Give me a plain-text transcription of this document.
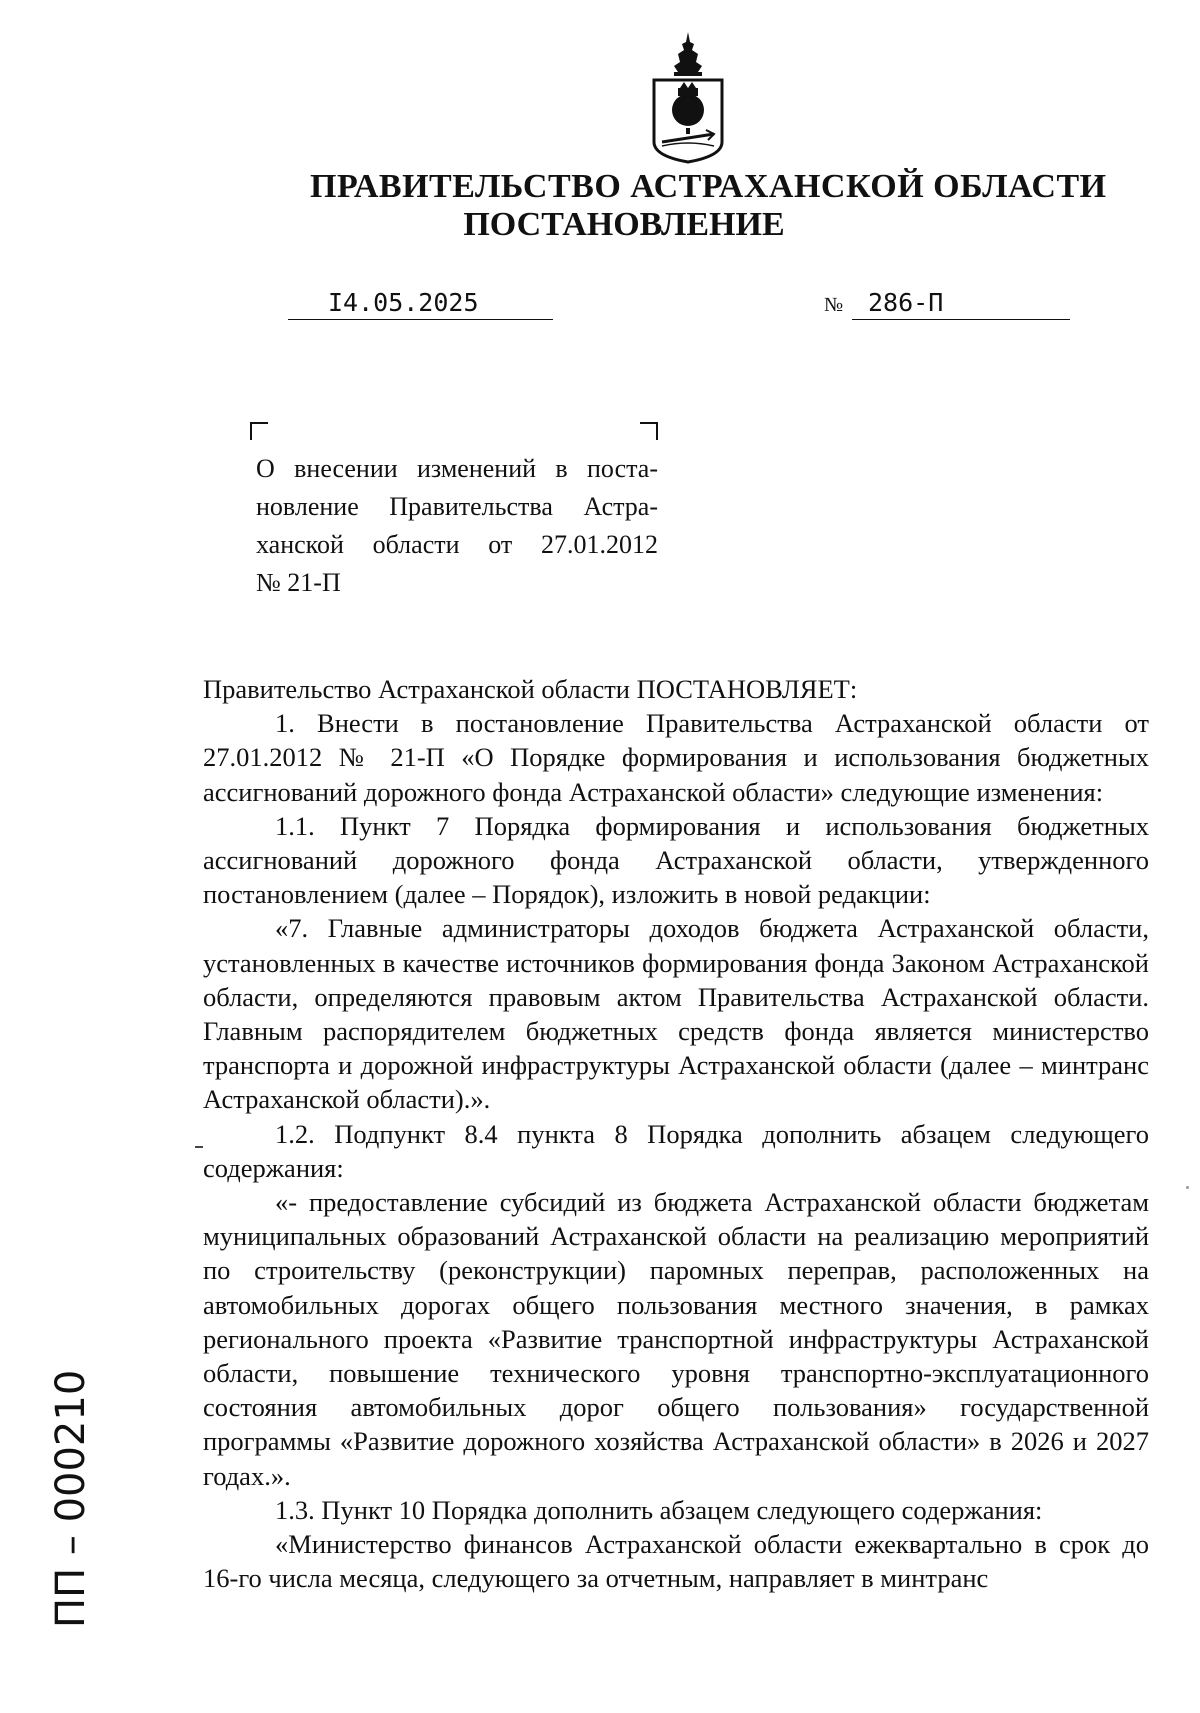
ПРАВИТЕЛЬСТВО АСТРАХАНСКОЙ ОБЛАСТИ
ПОСТАНОВЛЕНИЕ
I4.05.2025	№ 286-П
О внесении изменений в поста-
новление Правительства Астра-
ханской области от 27.01.2012
№ 21-П

Правительство Астраханской области ПОСТАНОВЛЯЕТ:

1. Внести в постановление Правительства Астраханской области от 27.01.2012 № 21-П «О Порядке формирования и использования бюджетных ассигнований дорожного фонда Астраханской области» следующие изменения:

1.1. Пункт 7 Порядка формирования и использования бюджетных ассигнований дорожного фонда Астраханской области, утвержденного постановлением (далее – Порядок), изложить в новой редакции:

«7. Главные администраторы доходов бюджета Астраханской области, установленных в качестве источников формирования фонда Законом Астраханской области, определяются правовым актом Правительства Астраханской области. Главным распорядителем бюджетных средств фонда является министерство транспорта и дорожной инфраструктуры Астраханской области (далее – минтранс Астраханской области).».

1.2. Подпункт 8.4 пункта 8 Порядка дополнить абзацем следующего содержания:

«- предоставление субсидий из бюджета Астраханской области бюджетам муниципальных образований Астраханской области на реализацию мероприятий по строительству (реконструкции) паромных переправ, расположенных на автомобильных дорогах общего пользования местного значения, в рамках регионального проекта «Развитие транспортной инфраструктуры Астраханской области, повышение технического уровня транспортно-эксплуатационного состояния автомобильных дорог общего пользования» государственной программы «Развитие дорожного хозяйства Астраханской области» в 2026 и 2027 годах.».

1.3. Пункт 10 Порядка дополнить абзацем следующего содержания:

«Министерство финансов Астраханской области ежеквартально в срок до 16-го числа месяца, следующего за отчетным, направляет в минтранс

ПП – 000210
